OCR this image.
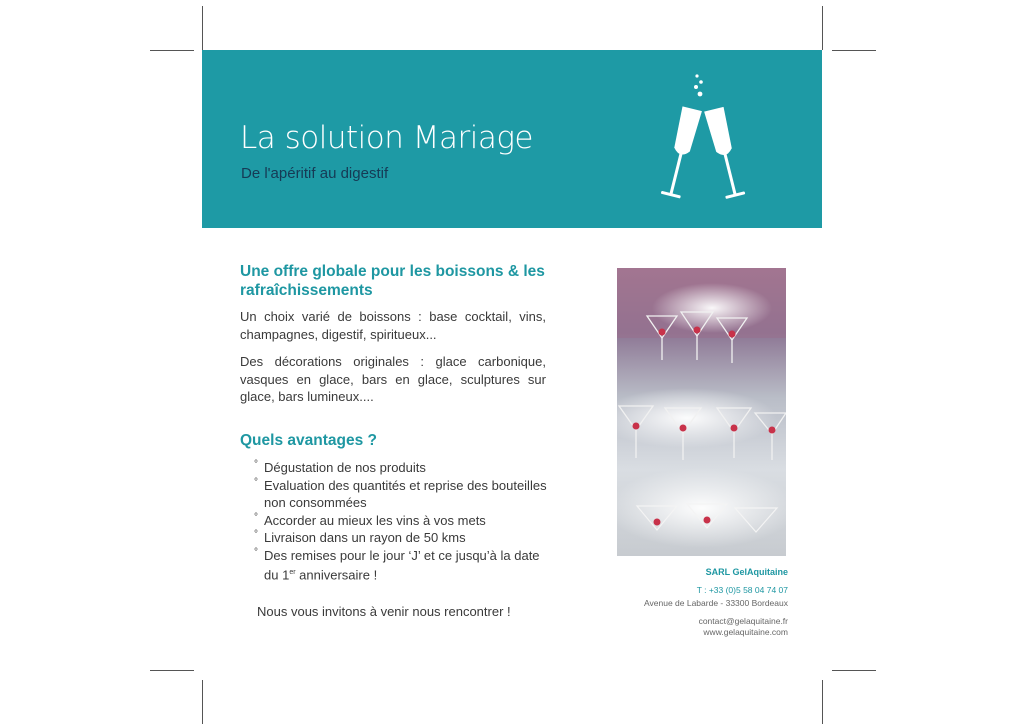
La solution Mariage
De l'apéritif au digestif
Une offre globale pour les boissons & les
rafraîchissements
Un choix varié de boissons : base cocktail, vins, champagnes, digestif, spiritueux...
Des décorations originales : glace carbonique, vasques en glace, bars en glace, sculptures sur glace, bars lumineux....
Quels avantages ?
° Dégustation de nos produits
° Evaluation des quantités et reprise des bouteilles non consommées
° Accorder au mieux les vins à vos mets
° Livraison dans un rayon de 50 kms
° Des remises pour le jour ‘J’ et ce jusqu’à la date du 1er anniversaire !
Nous vous invitons à venir nous rencontrer !
SARL GelAquitaine
T : +33 (0)5 58 04 74 07
Avenue de Labarde - 33300 Bordeaux
contact@gelaquitaine.fr
www.gelaquitaine.com
